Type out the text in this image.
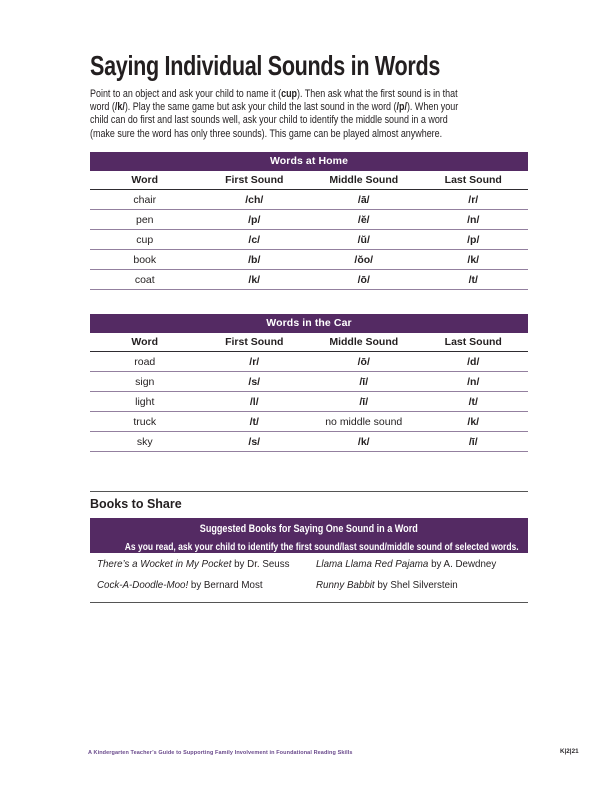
Saying Individual Sounds in Words
Point to an object and ask your child to name it (cup). Then ask what the first sound is in that
word (/k/). Play the same game but ask your child the last sound in the word (/p/). When your
child can do first and last sounds well, ask your child to identify the middle sound in a word
(make sure the word has only three sounds). This game can be played almost anywhere.
Words at Home
Word	First Sound	Middle Sound	Last Sound
chair	/ch/	/ā/	/r/
pen	/p/	/ĕ/	/n/
cup	/c/	/ŭ/	/p/
book	/b/	/ŏo/	/k/
coat	/k/	/ō/	/t/
Words in the Car
Word	First Sound	Middle Sound	Last Sound
road	/r/	/ō/	/d/
sign	/s/	/ī/	/n/
light	/l/	/ī/	/t/
truck	/t/	no middle sound	/k/
sky	/s/	/k/	/ī/
Books to Share
Suggested Books for Saying One Sound in a Word
As you read, ask your child to identify the first sound/last sound/middle sound of selected words.
There’s a Wocket in My Pocket by Dr. Seuss	Llama Llama Red Pajama by A. Dewdney
Cock-A-Doodle-Moo! by Bernard Most	Runny Babbit by Shel Silverstein
A Kindergarten Teacher’s Guide to Supporting Family Involvement in Foundational Reading Skills	K|2|21
